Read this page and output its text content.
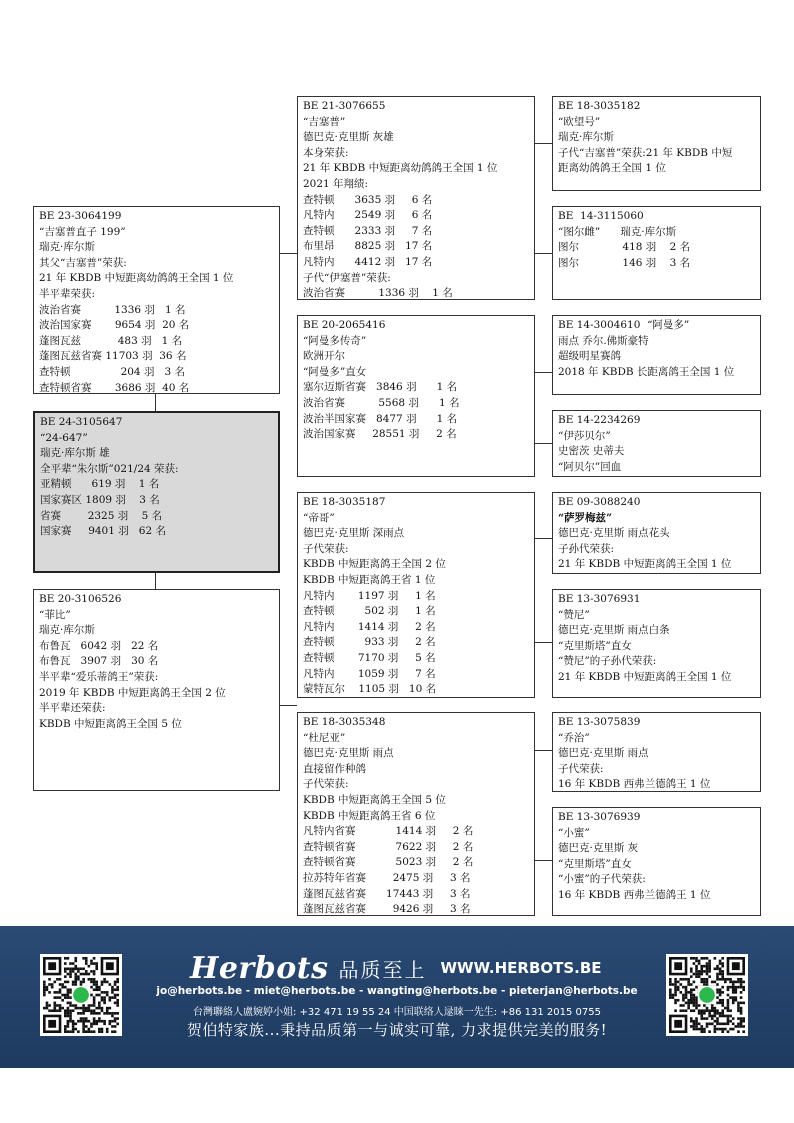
BE 23-3064199
“吉塞普直子 199”
瑞克·库尔斯
其父“吉塞普”荣获:
21 年 KBDB 中短距离幼鸽鸽王全国 1 位
半平辈荣获:
波治省赛          1336 羽   1 名
波治国家赛       9654 羽  20 名
蓬图瓦兹           483 羽   1 名
蓬图瓦兹省赛 11703 羽  36 名
查特顿               204 羽   3 名
查特顿省赛       3686 羽  40 名
BE 24-3105647
“24-647”
瑞克·库尔斯 雄
全平辈“朱尔斯”021/24 荣获:
亚精顿      619 羽    1 名
国家赛区 1809 羽    3 名
省赛        2325 羽    5 名
国家赛     9401 羽   62 名
BE 20-3106526
“菲比”
瑞克·库尔斯
布鲁瓦   6042 羽   22 名
布鲁瓦   3907 羽   30 名
半平辈“爱乐蒂鸽王”荣获:
2019 年 KBDB 中短距离鸽王全国 2 位
半平辈还荣获:
KBDB 中短距离鸽王全国 5 位
BE 21-3076655
“吉塞普”
德巴克·克里斯 灰雄
本身荣获:
21 年 KBDB 中短距离幼鸽鸽王全国 1 位
2021 年翔绩:
查特顿      3635 羽     6 名
凡特内      2549 羽     6 名
查特顿      2333 羽     7 名
布里昂      8825 羽   17 名
凡特内      4412 羽   17 名
子代“伊塞普”荣获:
波治省赛          1336 羽    1 名
BE 20-2065416
“阿曼多传奇”
欧洲开尔
“阿曼多”直女
塞尔迈斯省赛   3846 羽      1 名
波治省赛          5568 羽      1 名
波治半国家赛   8477 羽      1 名
波治国家赛     28551 羽     2 名
BE 18-3035187
“帝哥”
德巴克·克里斯 深雨点
子代荣获:
KBDB 中短距离鸽王全国 2 位
KBDB 中短距离鸽王省 1 位
凡特内       1197 羽     1 名
查特顿         502 羽     1 名
凡特内       1414 羽     2 名
查特顿         933 羽     2 名
查特顿       7170 羽     5 名
凡特内       1059 羽     7 名
蒙特瓦尔    1105 羽   10 名
BE 18-3035348
“杜尼亚”
德巴克·克里斯 雨点
直接留作种鸽
子代荣获:
KBDB 中短距离鸽王全国 5 位
KBDB 中短距离鸽王省 6 位
凡特内省赛            1414 羽     2 名
查特顿省赛            7622 羽     2 名
查特顿省赛            5023 羽     2 名
拉苏特年省赛        2475 羽     3 名
蓬图瓦兹省赛      17443 羽     3 名
蓬图瓦兹省赛        9426 羽     3 名
BE 18-3035182
“欧望号”
瑞克·库尔斯
子代“吉塞普”荣获:21 年 KBDB 中短
距离幼鸽鸽王全国 1 位
BE  14-3115060
“图尔雌”      瑞克·库尔斯
图尔             418 羽    2 名
图尔             146 羽    3 名
BE 14-3004610  “阿曼多”
雨点 乔尔.佛斯豪特
超级明星赛鸽
2018 年 KBDB 长距离鸽王全国 1 位
BE 14-2234269
“伊莎贝尔”
史密茨 史蒂夫
“阿贝尔”回血
BE 09-3088240
“萨罗梅兹”
德巴克·克里斯 雨点花头
子孙代荣获:
21 年 KBDB 中短距离鸽王全国 1 位
BE 13-3076931
“赞尼”
德巴克·克里斯 雨点白条
“克里斯塔”直女
“赞尼”的子孙代荣获:
21 年 KBDB 中短距离鸽王全国 1 位
BE 13-3075839
“乔治”
德巴克·克里斯 雨点
子代荣获:
16 年 KBDB 西弗兰德鸽王 1 位
BE 13-3076939
“小蜜”
德巴克·克里斯 灰
“克里斯塔”直女
“小蜜”的子代荣获:
16 年 KBDB 西弗兰德鸽王 1 位
Herbots 品质至上 WWW.HERBOTS.BE
jo@herbots.be - miet@herbots.be - wangting@herbots.be - pieterjan@herbots.be
台灣聯絡人盧婉婷小姐: +32 471 19 55 24 中国联络人逯睐一先生: +86 131 2015 0755
贺伯特家族...秉持品质第一与诚实可靠, 力求提供完美的服务!
